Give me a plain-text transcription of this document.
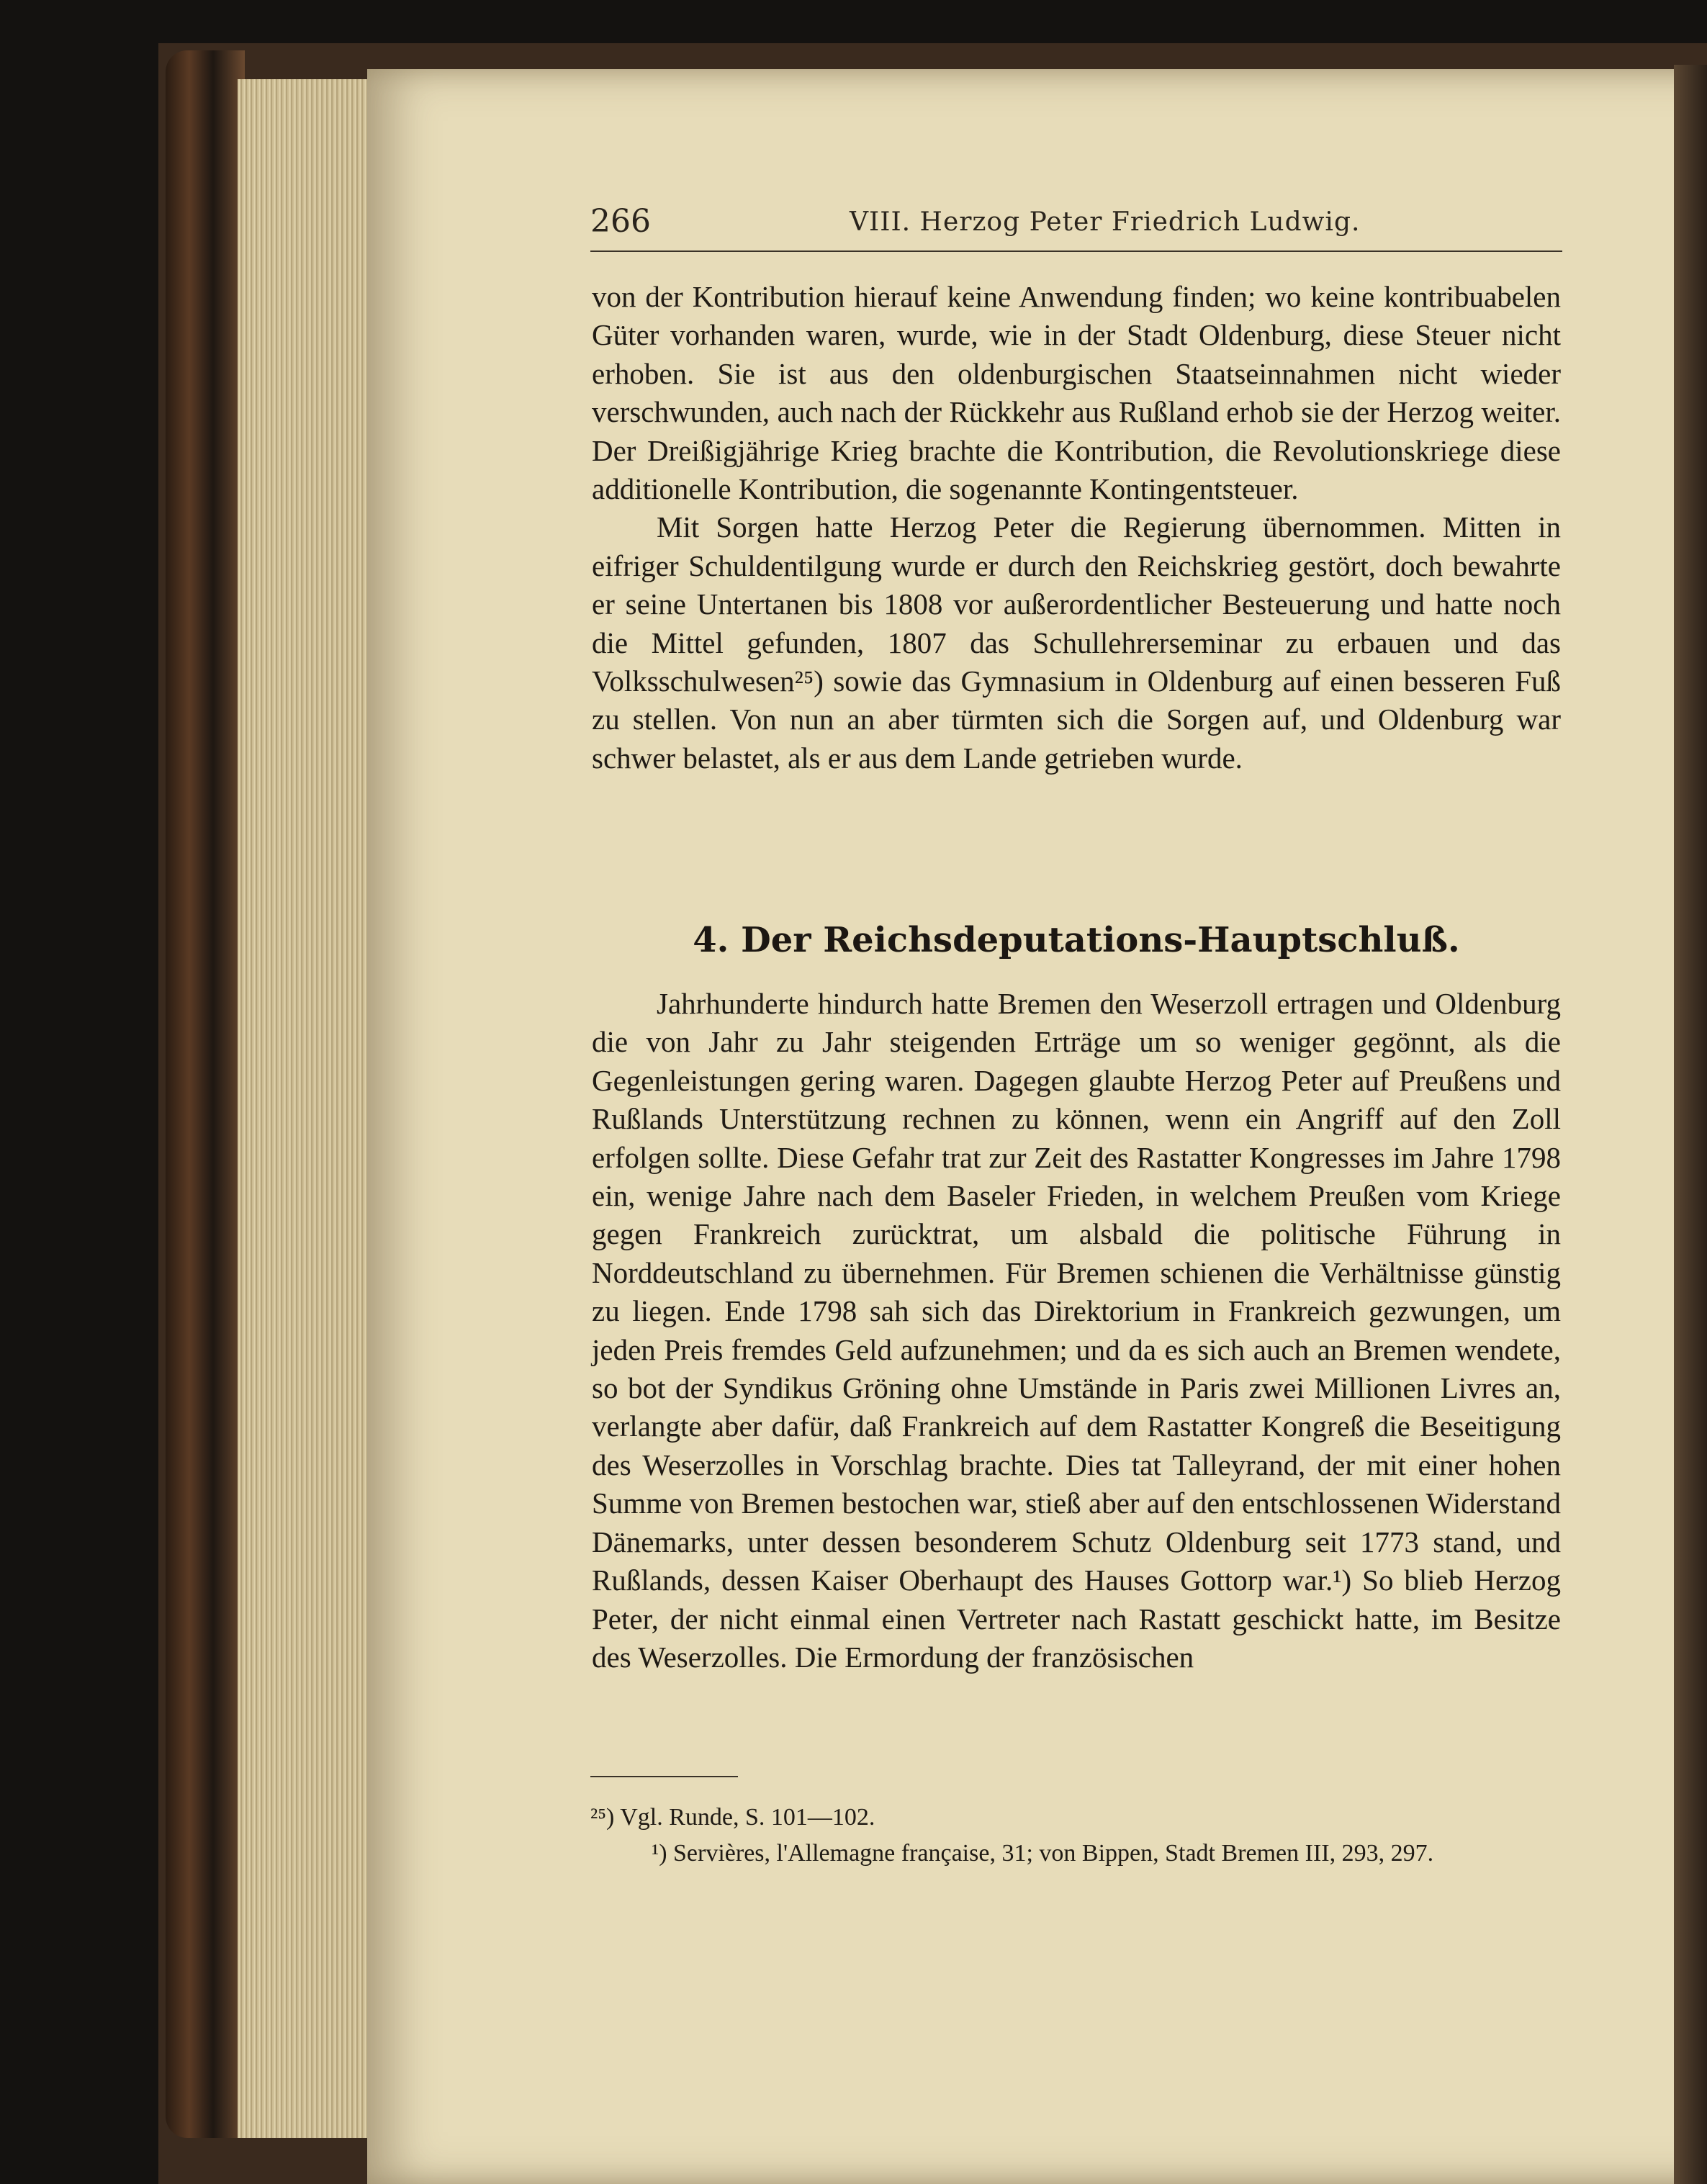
266	VIII. Herzog Peter Friedrich Ludwig.

von der Kontribution hierauf keine Anwendung finden; wo keine kontribuabelen Güter vorhanden waren, wurde, wie in der Stadt Oldenburg, diese Steuer nicht erhoben. Sie ist aus den oldenburgischen Staatseinnahmen nicht wieder verschwunden, auch nach der Rückkehr aus Rußland erhob sie der Herzog weiter. Der Dreißigjährige Krieg brachte die Kontribution, die Revolutionskriege diese additionelle Kontribution, die sogenannte Kontingentsteuer.

Mit Sorgen hatte Herzog Peter die Regierung übernommen. Mitten in eifriger Schuldentilgung wurde er durch den Reichskrieg gestört, doch bewahrte er seine Untertanen bis 1808 vor außerordentlicher Besteuerung und hatte noch die Mittel gefunden, 1807 das Schullehrerseminar zu erbauen und das Volksschulwesen²⁵) sowie das Gymnasium in Oldenburg auf einen besseren Fuß zu stellen. Von nun an aber türmten sich die Sorgen auf, und Oldenburg war schwer belastet, als er aus dem Lande getrieben wurde.

4. Der Reichsdeputations-Hauptschluß.

Jahrhunderte hindurch hatte Bremen den Weserzoll ertragen und Oldenburg die von Jahr zu Jahr steigenden Erträge um so weniger gegönnt, als die Gegenleistungen gering waren. Dagegen glaubte Herzog Peter auf Preußens und Rußlands Unterstützung rechnen zu können, wenn ein Angriff auf den Zoll erfolgen sollte. Diese Gefahr trat zur Zeit des Rastatter Kongresses im Jahre 1798 ein, wenige Jahre nach dem Baseler Frieden, in welchem Preußen vom Kriege gegen Frankreich zurücktrat, um alsbald die politische Führung in Norddeutschland zu übernehmen. Für Bremen schienen die Verhältnisse günstig zu liegen. Ende 1798 sah sich das Direktorium in Frankreich gezwungen, um jeden Preis fremdes Geld aufzunehmen; und da es sich auch an Bremen wendete, so bot der Syndikus Gröning ohne Umstände in Paris zwei Millionen Livres an, verlangte aber dafür, daß Frankreich auf dem Rastatter Kongreß die Beseitigung des Weserzolles in Vorschlag brachte. Dies tat Talleyrand, der mit einer hohen Summe von Bremen bestochen war, stieß aber auf den entschlossenen Widerstand Dänemarks, unter dessen besonderem Schutz Oldenburg seit 1773 stand, und Rußlands, dessen Kaiser Oberhaupt des Hauses Gottorp war.¹) So blieb Herzog Peter, der nicht einmal einen Vertreter nach Rastatt geschickt hatte, im Besitze des Weserzolles. Die Ermordung der französischen

²⁵) Vgl. Runde, S. 101—102.

¹) Servières, l'Allemagne française, 31; von Bippen, Stadt Bremen III, 293, 297.
